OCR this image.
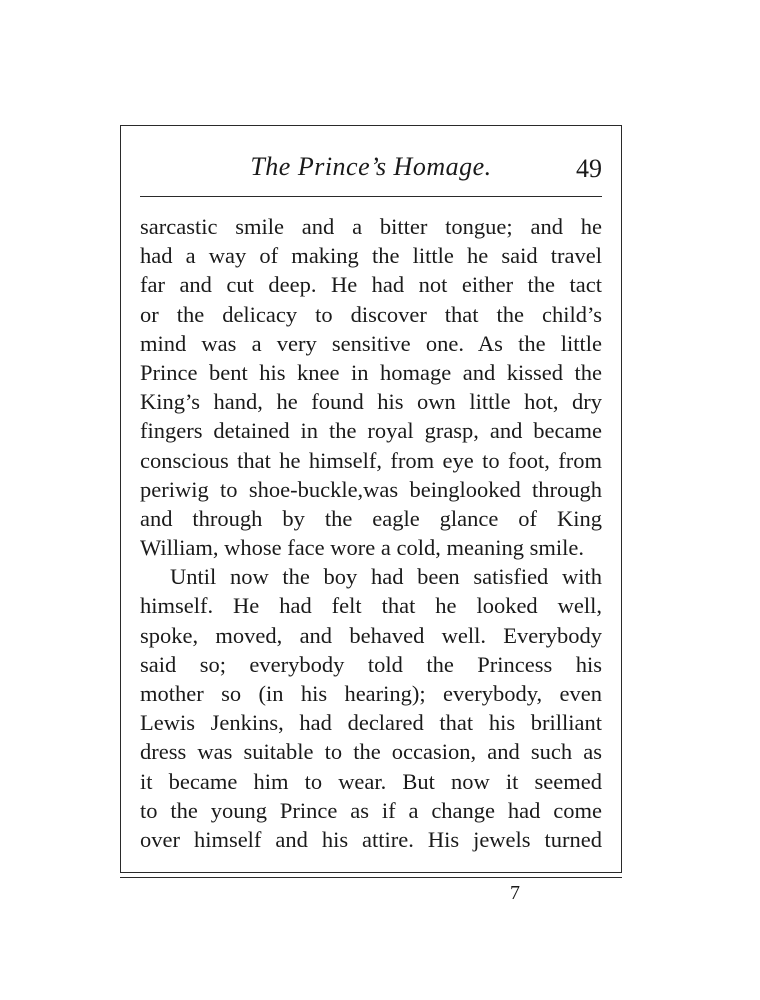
The Prince’s Homage.	49
sarcastic smile and a bitter tongue; and he
had a way of making the little he said travel
far and cut deep. He had not either the tact
or the delicacy to discover that the child’s
mind was a very sensitive one. As the little
Prince bent his knee in homage and kissed the
King’s hand, he found his own little hot, dry
fingers detained in the royal grasp, and became
conscious that he himself, from eye to foot, from
periwig to shoe-buckle,was beinglooked through
and through by the eagle glance of King
William, whose face wore a cold, meaning smile.
Until now the boy had been satisfied with
himself. He had felt that he looked well,
spoke, moved, and behaved well. Everybody
said so; everybody told the Princess his
mother so (in his hearing); everybody, even
Lewis Jenkins, had declared that his brilliant
dress was suitable to the occasion, and such as
it became him to wear. But now it seemed
to the young Prince as if a change had come
over himself and his attire. His jewels turned
7
